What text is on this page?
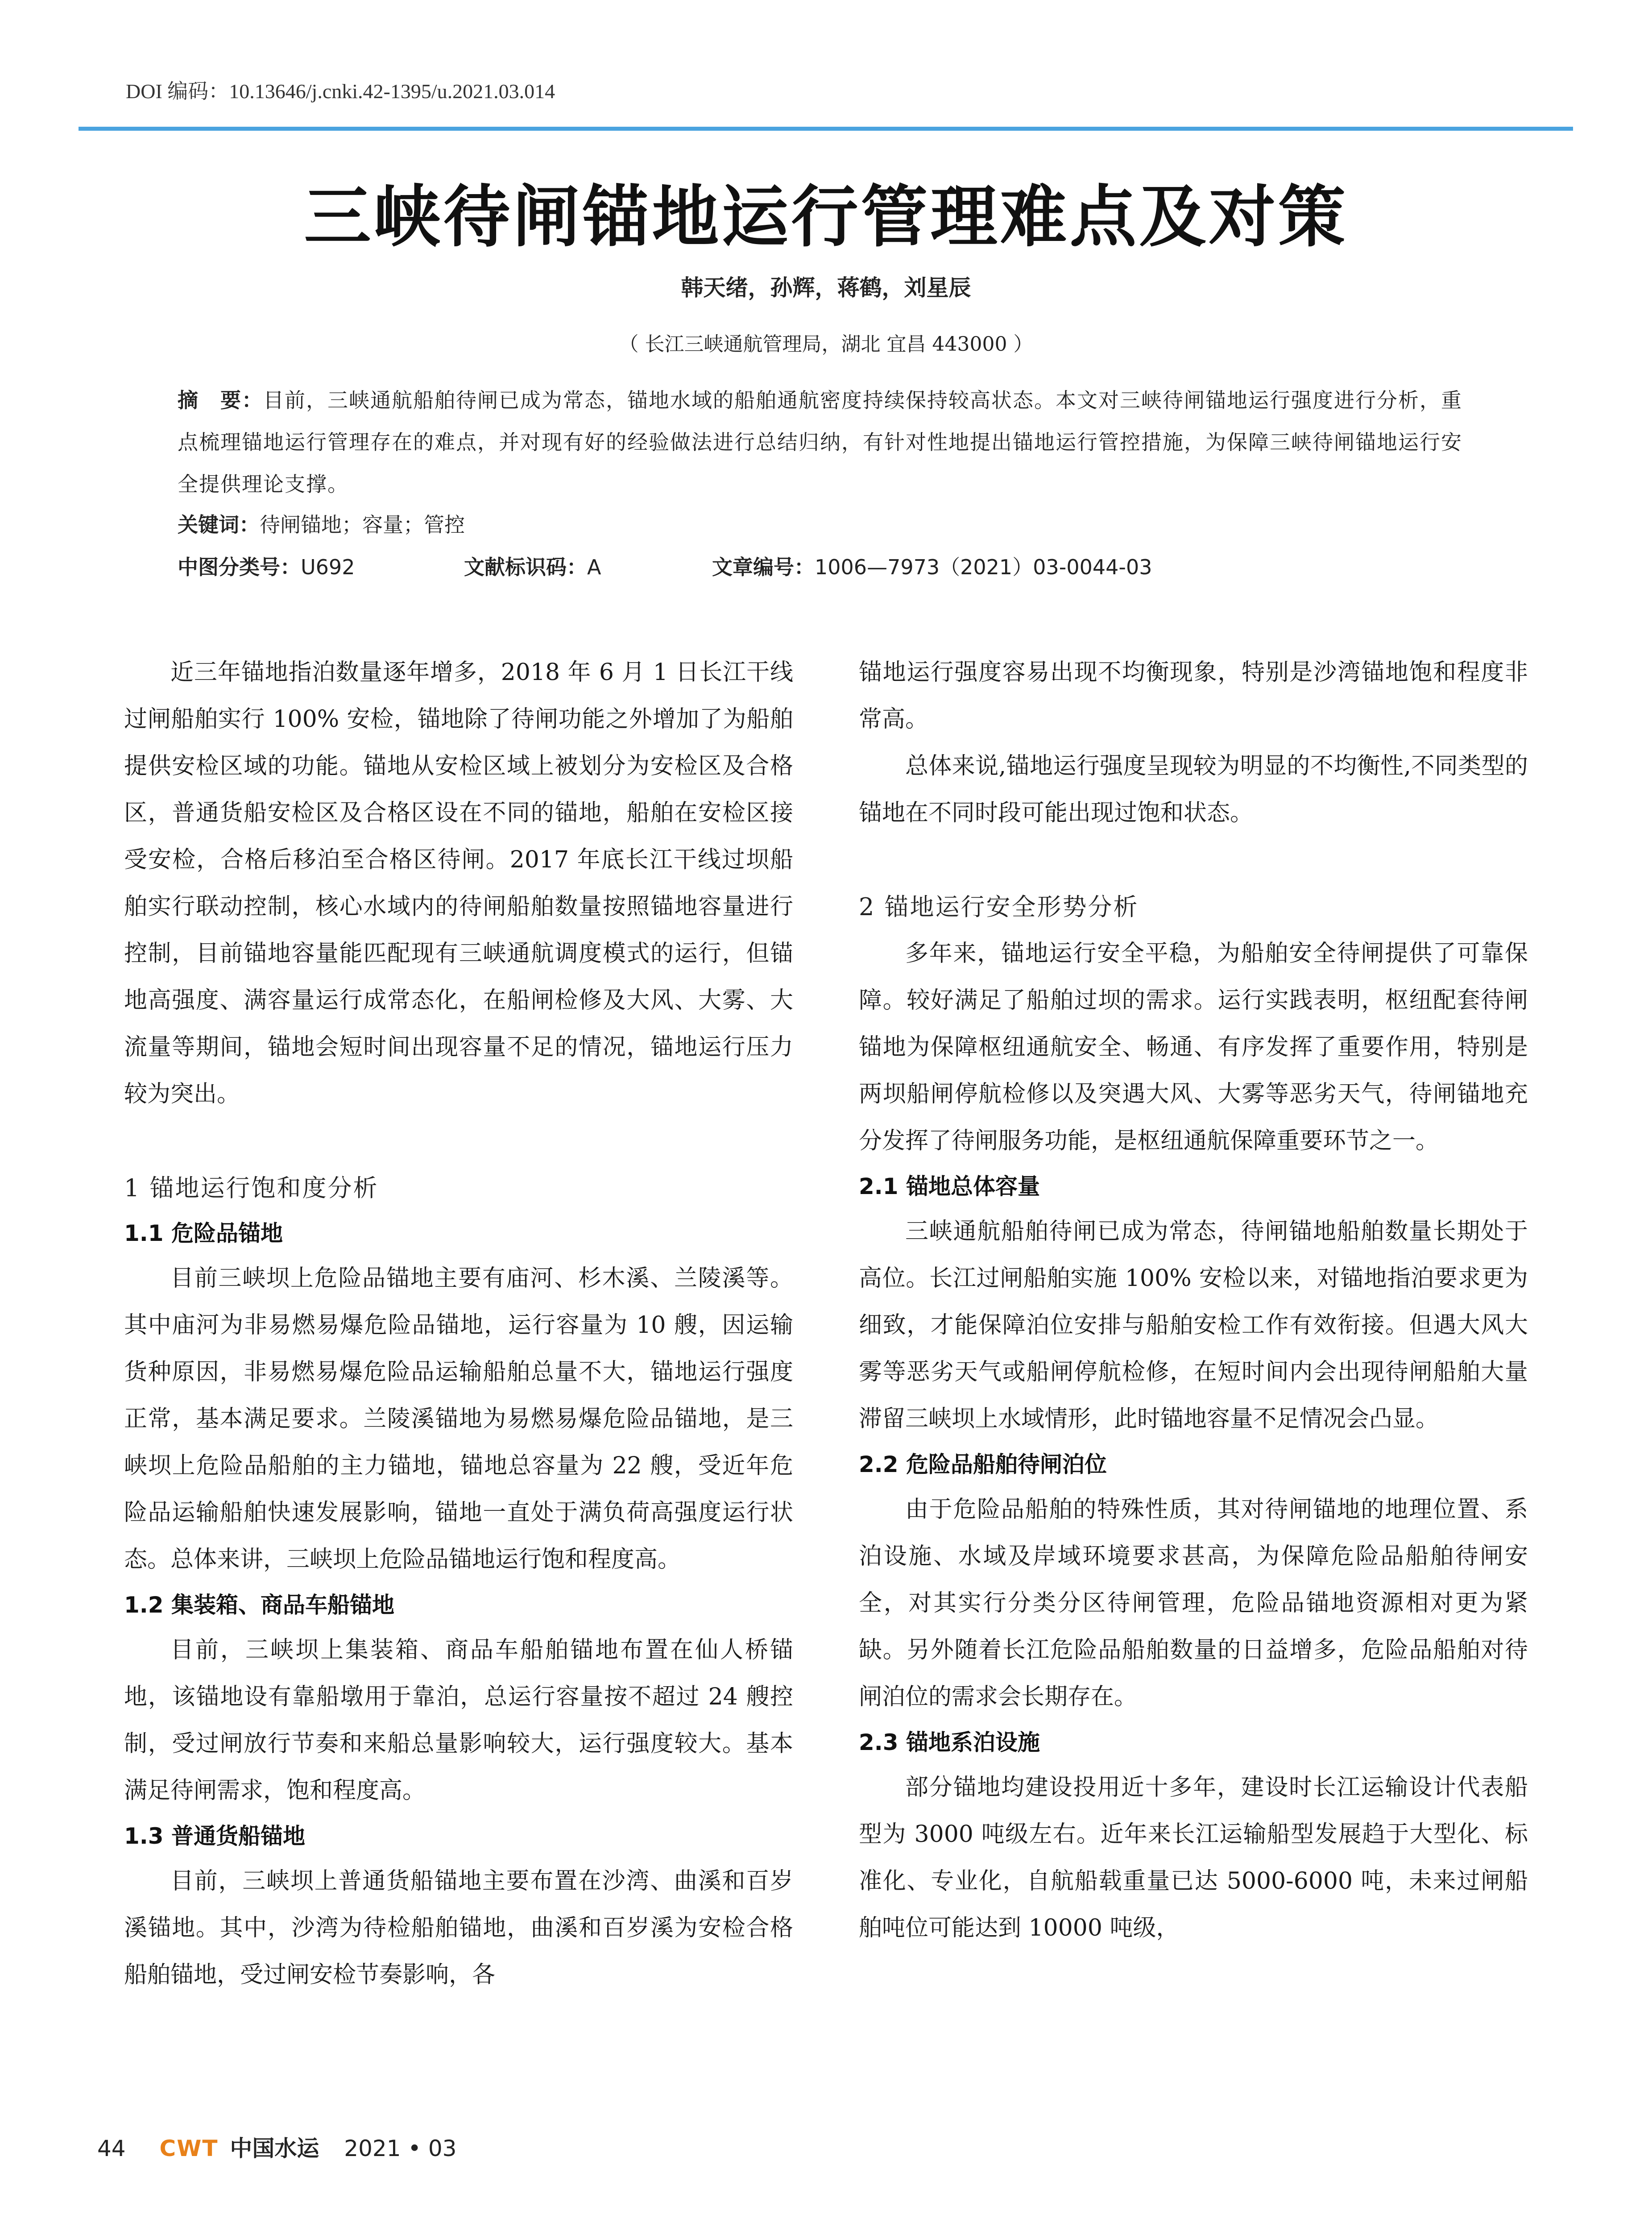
DOI 编码：10.13646/j.cnki.42-1395/u.2021.03.014
三峡待闸锚地运行管理难点及对策
韩天绪，孙辉，蒋鹤，刘星辰
（ 长江三峡通航管理局，湖北 宜昌 443000 ）
摘　要：目前，三峡通航船舶待闸已成为常态，锚地水域的船舶通航密度持续保持较高状态。本文对三峡待闸锚地运行强度进行分析，重点梳理锚地运行管理存在的难点，并对现有好的经验做法进行总结归纳，有针对性地提出锚地运行管控措施，为保障三峡待闸锚地运行安全提供理论支撑。
关键词：待闸锚地；容量；管控
中图分类号：U692	文献标识码：A	文章编号：1006—7973（2021）03-0044-03

近三年锚地指泊数量逐年增多，2018 年 6 月 1 日长江干线过闸船舶实行 100% 安检，锚地除了待闸功能之外增加了为船舶提供安检区域的功能。锚地从安检区域上被划分为安检区及合格区，普通货船安检区及合格区设在不同的锚地，船舶在安检区接受安检，合格后移泊至合格区待闸。2017 年底长江干线过坝船舶实行联动控制，核心水域内的待闸船舶数量按照锚地容量进行控制，目前锚地容量能匹配现有三峡通航调度模式的运行，但锚地高强度、满容量运行成常态化，在船闸检修及大风、大雾、大流量等期间，锚地会短时间出现容量不足的情况，锚地运行压力较为突出。

1 锚地运行饱和度分析
1.1 危险品锚地

目前三峡坝上危险品锚地主要有庙河、杉木溪、兰陵溪等。其中庙河为非易燃易爆危险品锚地，运行容量为 10 艘，因运输货种原因，非易燃易爆危险品运输船舶总量不大，锚地运行强度正常，基本满足要求。兰陵溪锚地为易燃易爆危险品锚地，是三峡坝上危险品船舶的主力锚地，锚地总容量为 22 艘，受近年危险品运输船舶快速发展影响，锚地一直处于满负荷高强度运行状态。总体来讲，三峡坝上危险品锚地运行饱和程度高。

1.2 集装箱、商品车船锚地

目前，三峡坝上集装箱、商品车船舶锚地布置在仙人桥锚地，该锚地设有靠船墩用于靠泊，总运行容量按不超过 24 艘控制，受过闸放行节奏和来船总量影响较大，运行强度较大。基本满足待闸需求，饱和程度高。

1.3 普通货船锚地

目前，三峡坝上普通货船锚地主要布置在沙湾、曲溪和百岁溪锚地。其中，沙湾为待检船舶锚地，曲溪和百岁溪为安检合格船舶锚地，受过闸安检节奏影响，各

锚地运行强度容易出现不均衡现象，特别是沙湾锚地饱和程度非常高。

总体来说,锚地运行强度呈现较为明显的不均衡性,不同类型的锚地在不同时段可能出现过饱和状态。

2 锚地运行安全形势分析

多年来，锚地运行安全平稳，为船舶安全待闸提供了可靠保障。较好满足了船舶过坝的需求。运行实践表明，枢纽配套待闸锚地为保障枢纽通航安全、畅通、有序发挥了重要作用，特别是两坝船闸停航检修以及突遇大风、大雾等恶劣天气，待闸锚地充分发挥了待闸服务功能，是枢纽通航保障重要环节之一。

2.1 锚地总体容量

三峡通航船舶待闸已成为常态，待闸锚地船舶数量长期处于高位。长江过闸船舶实施 100% 安检以来，对锚地指泊要求更为细致，才能保障泊位安排与船舶安检工作有效衔接。但遇大风大雾等恶劣天气或船闸停航检修，在短时间内会出现待闸船舶大量滞留三峡坝上水域情形，此时锚地容量不足情况会凸显。

2.2 危险品船舶待闸泊位

由于危险品船舶的特殊性质，其对待闸锚地的地理位置、系泊设施、水域及岸域环境要求甚高，为保障危险品船舶待闸安全，对其实行分类分区待闸管理，危险品锚地资源相对更为紧缺。另外随着长江危险品船舶数量的日益增多，危险品船舶对待闸泊位的需求会长期存在。

2.3 锚地系泊设施

部分锚地均建设投用近十多年，建设时长江运输设计代表船型为 3000 吨级左右。近年来长江运输船型发展趋于大型化、标准化、专业化，自航船载重量已达 5000-6000 吨，未来过闸船舶吨位可能达到 10000 吨级，

44 CWT 中国水运 2021 • 03
